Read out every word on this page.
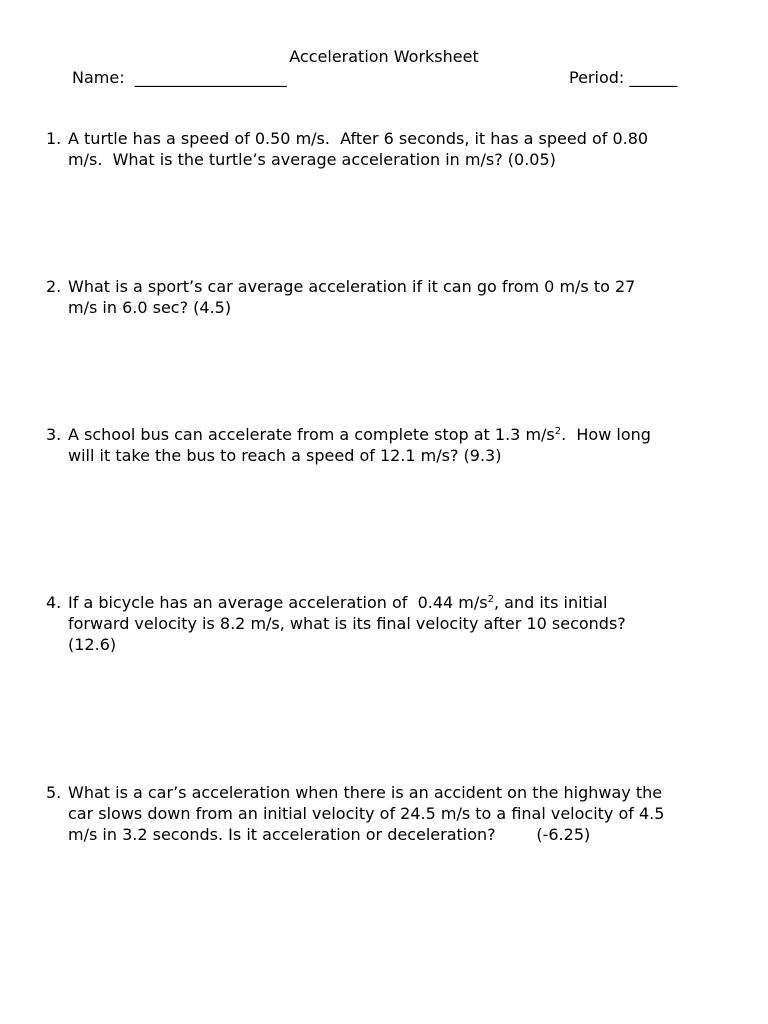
Acceleration Worksheet
Name:  ___________________	Period: ______
1. A turtle has a speed of 0.50 m/s.  After 6 seconds, it has a speed of 0.80
m/s.  What is the turtle’s average acceleration in m/s? (0.05)
2. What is a sport’s car average acceleration if it can go from 0 m/s to 27
m/s in 6.0 sec? (4.5)
3. A school bus can accelerate from a complete stop at 1.3 $m/s^2$.  How long
will it take the bus to reach a speed of 12.1 m/s? (9.3)
4. If a bicycle has an average acceleration of  0.44 $m/s^2$, and its initial
forward velocity is 8.2 m/s, what is its final velocity after 10 seconds?
(12.6)
5. What is a car’s acceleration when there is an accident on the highway the
car slows down from an initial velocity of 24.5 m/s to a final velocity of 4.5
m/s in 3.2 seconds. Is it acceleration or deceleration?        (-6.25)
